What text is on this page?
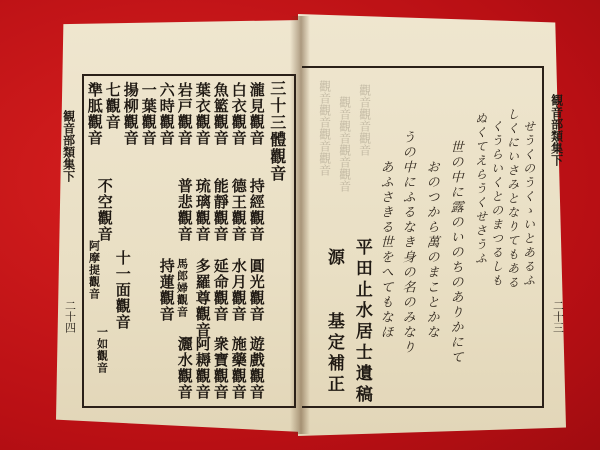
觀音觀音觀音觀音 觀音觀音觀音觀音 觀音觀音觀音
観音部類集下
二十四
三十三體觀音
瀧見觀音
白衣觀音
魚籃觀音
葉衣觀音
岩戸觀音
六時觀音
一葉觀音
揚柳觀音
七觀音
準胝觀音
持經觀音
德王觀音
能靜觀音
琉璃觀音
普悲觀音
不空觀音
圓光觀音
水月觀音
延命觀音
多羅尊觀音
馬郎婦觀音
持蓮觀音
遊戲觀音
施藥觀音
衆寶觀音
阿耨觀音
灑水觀音
十一面觀音
一如觀音
阿摩提觀音
観音部類集下
二十三
せうくのうくゝいとあるふ
しくにいさみとなりてもある
くうらいくとのまつるしも
ぬくてえらうくせさうふ
世の中に露のいのちのありかにて
おのつから萬のまことかな
うの中にふるなき身の名のみなり
あふさきる世をへてもなほ
平田止水居士遺稿
源
基定補正
